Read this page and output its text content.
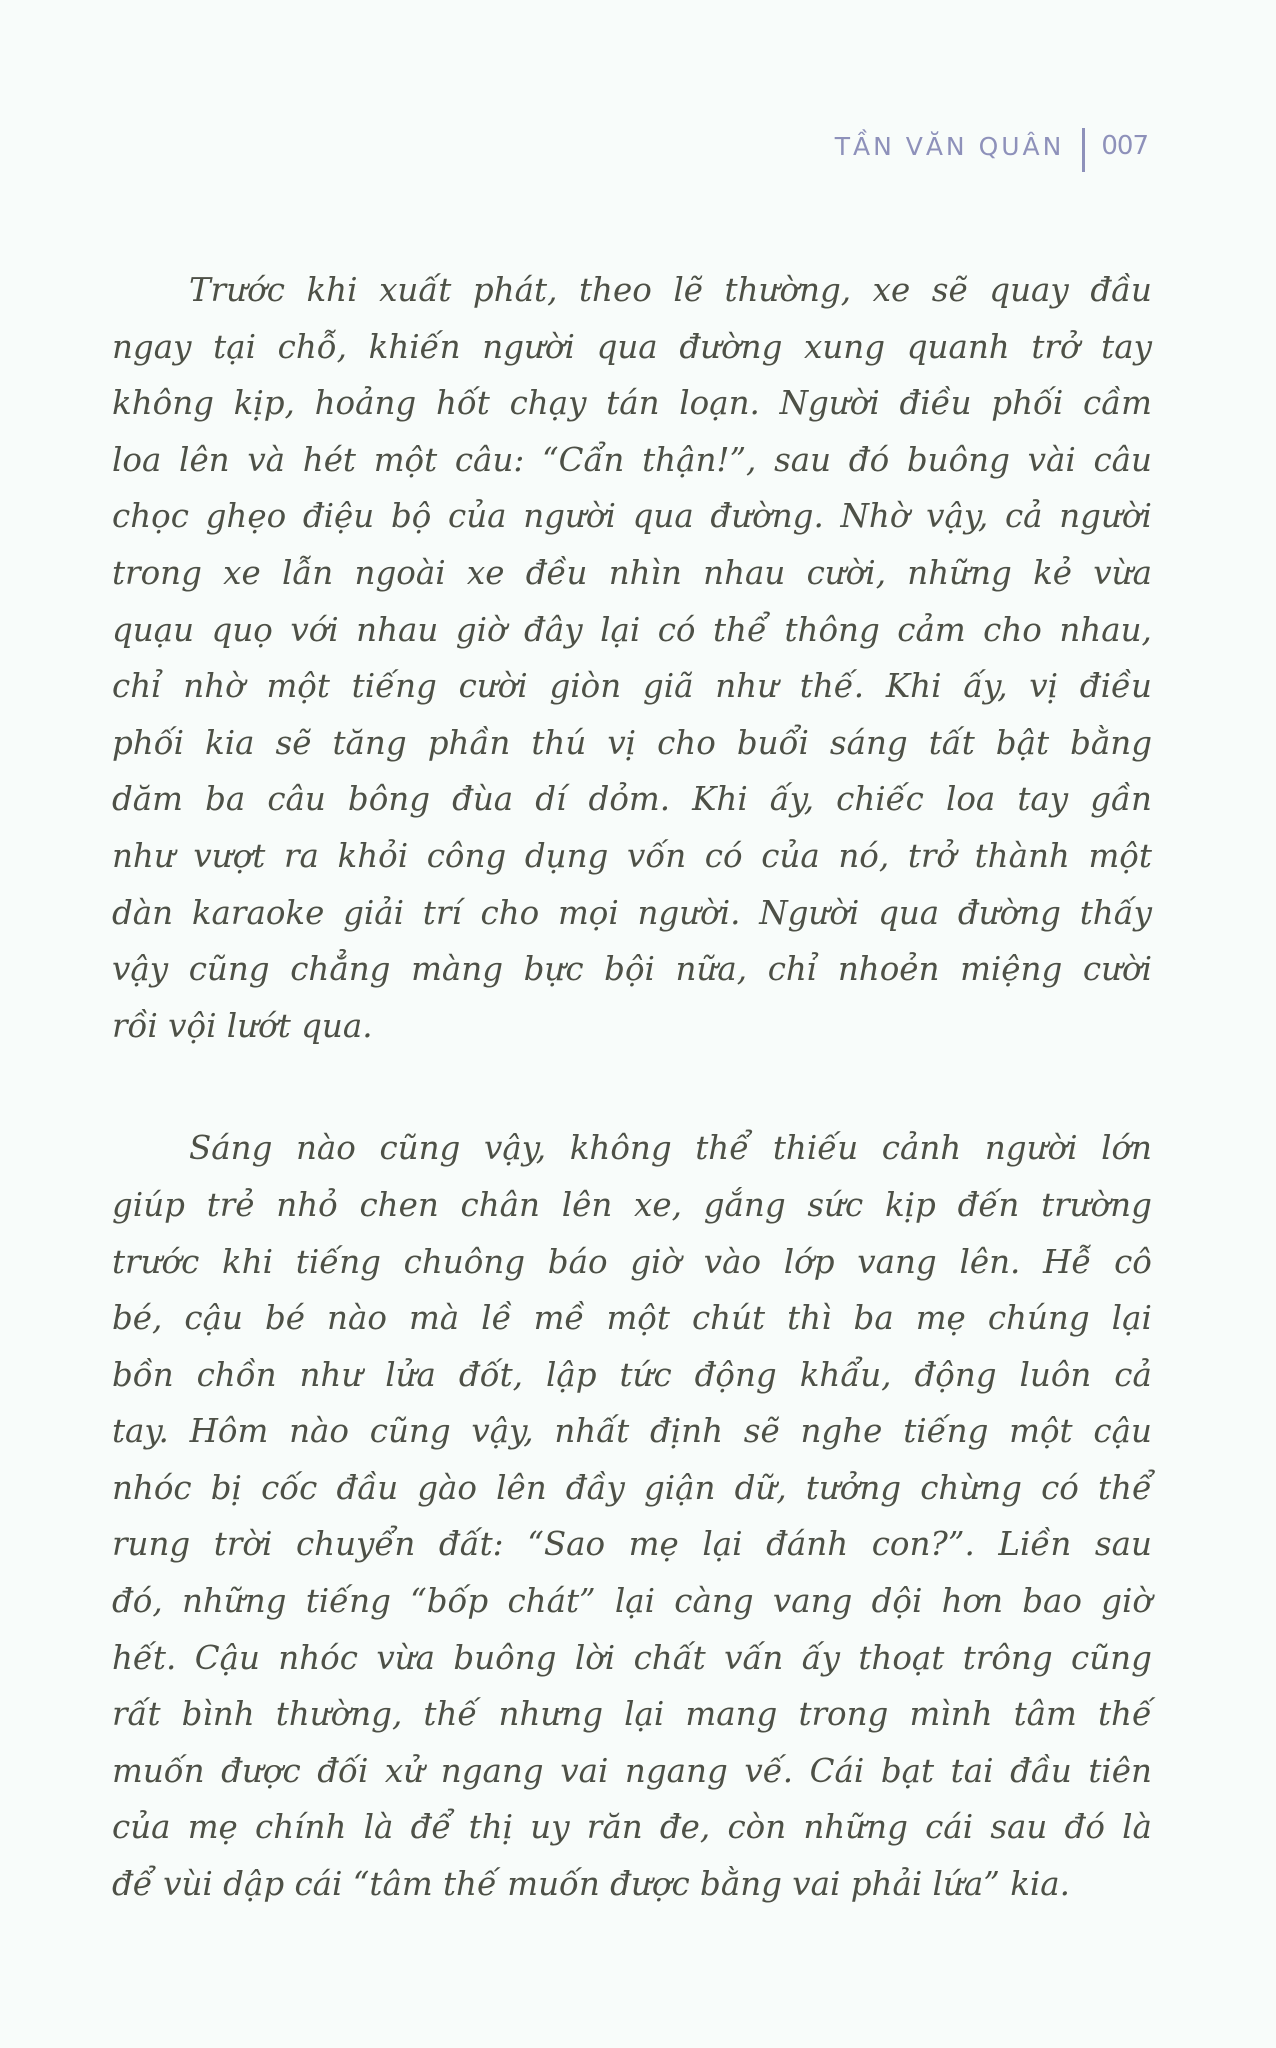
TẦN VĂN QUÂN 007
Trước khi xuất phát, theo lẽ thường, xe sẽ quay đầu
ngay tại chỗ, khiến người qua đường xung quanh trở tay
không kịp, hoảng hốt chạy tán loạn. Người điều phối cầm
loa lên và hét một câu: “Cẩn thận!”, sau đó buông vài câu
chọc ghẹo điệu bộ của người qua đường. Nhờ vậy, cả người
trong xe lẫn ngoài xe đều nhìn nhau cười, những kẻ vừa
quạu quọ với nhau giờ đây lại có thể thông cảm cho nhau,
chỉ nhờ một tiếng cười giòn giã như thế. Khi ấy, vị điều
phối kia sẽ tăng phần thú vị cho buổi sáng tất bật bằng
dăm ba câu bông đùa dí dỏm. Khi ấy, chiếc loa tay gần
như vượt ra khỏi công dụng vốn có của nó, trở thành một
dàn karaoke giải trí cho mọi người. Người qua đường thấy
vậy cũng chẳng màng bực bội nữa, chỉ nhoẻn miệng cười
rồi vội lướt qua.
Sáng nào cũng vậy, không thể thiếu cảnh người lớn
giúp trẻ nhỏ chen chân lên xe, gắng sức kịp đến trường
trước khi tiếng chuông báo giờ vào lớp vang lên. Hễ cô
bé, cậu bé nào mà lề mề một chút thì ba mẹ chúng lại
bồn chồn như lửa đốt, lập tức động khẩu, động luôn cả
tay. Hôm nào cũng vậy, nhất định sẽ nghe tiếng một cậu
nhóc bị cốc đầu gào lên đầy giận dữ, tưởng chừng có thể
rung trời chuyển đất: “Sao mẹ lại đánh con?”. Liền sau
đó, những tiếng “bốp chát” lại càng vang dội hơn bao giờ
hết. Cậu nhóc vừa buông lời chất vấn ấy thoạt trông cũng
rất bình thường, thế nhưng lại mang trong mình tâm thế
muốn được đối xử ngang vai ngang vế. Cái bạt tai đầu tiên
của mẹ chính là để thị uy răn đe, còn những cái sau đó là
để vùi dập cái “tâm thế muốn được bằng vai phải lứa” kia.
